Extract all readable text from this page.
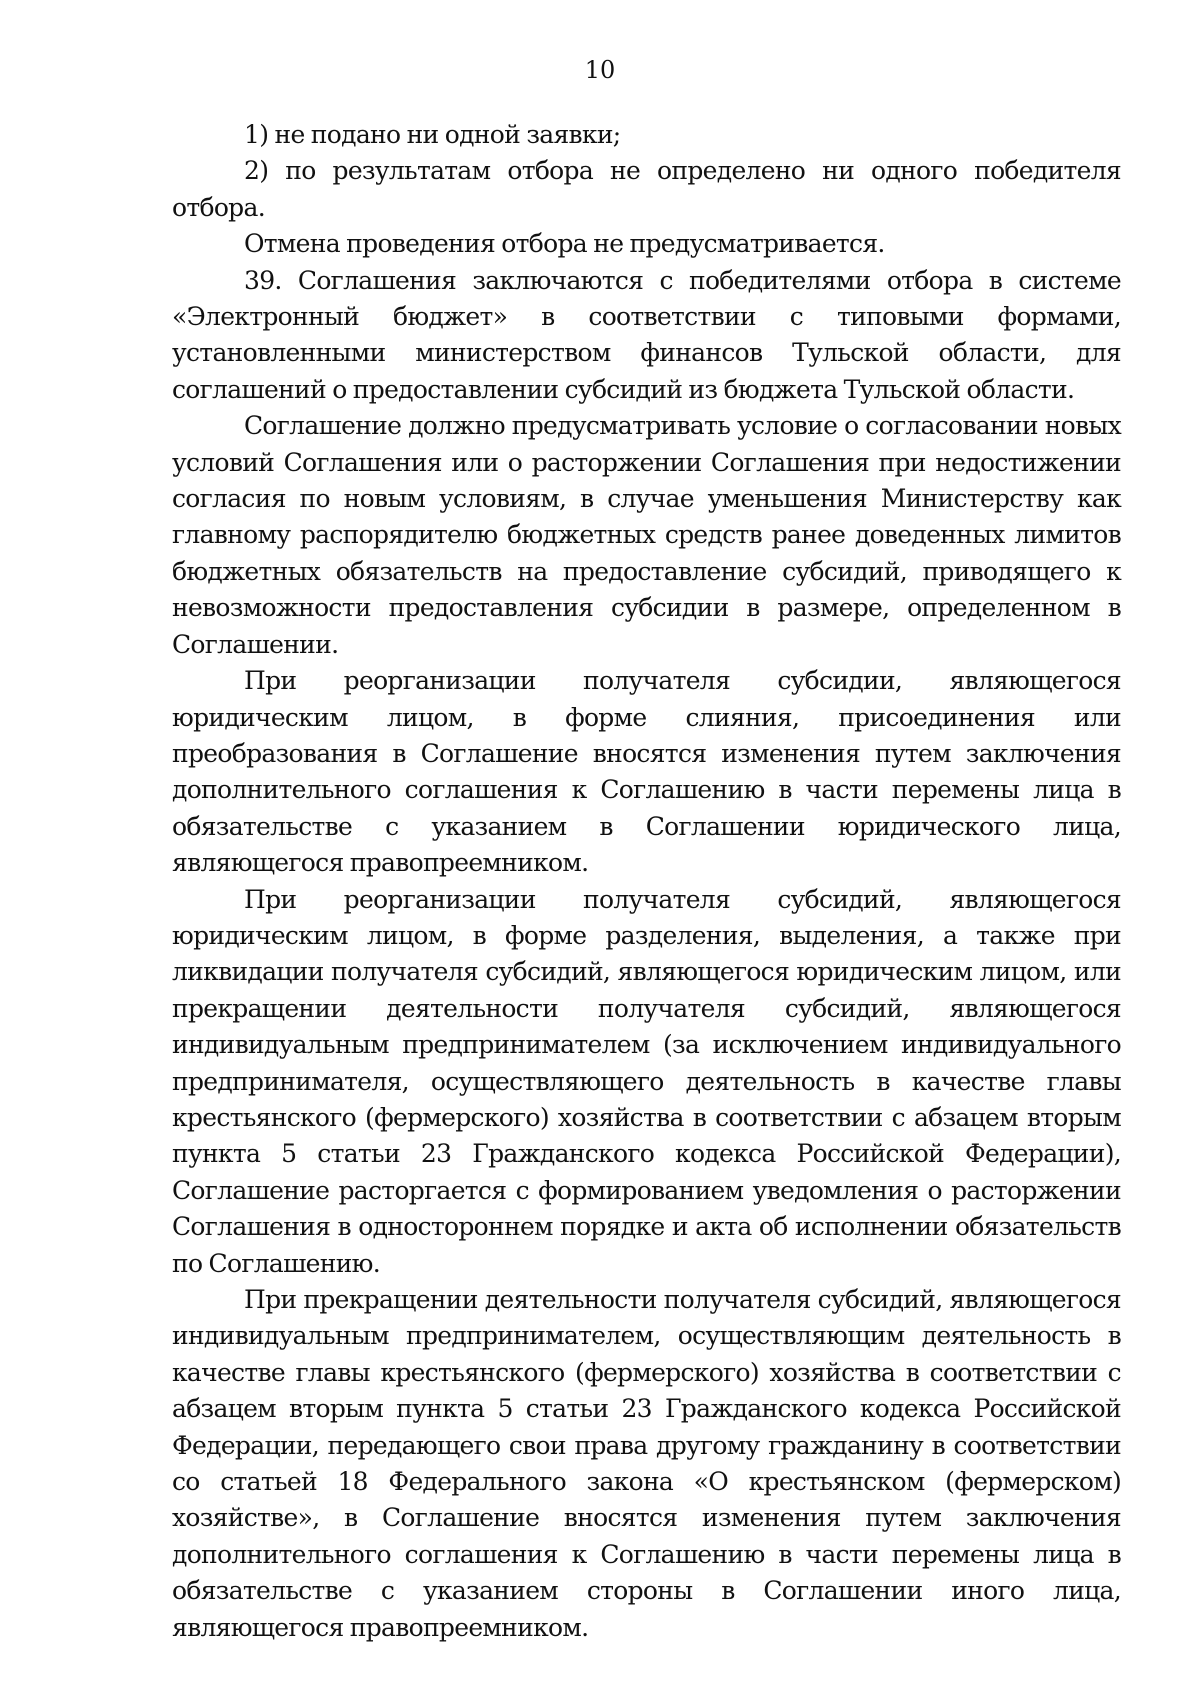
10

1) не подано ни одной заявки;

2) по результатам отбора не определено ни одного победителя отбора.

Отмена проведения отбора не предусматривается.

39. Соглашения заключаются с победителями отбора в системе «Электронный бюджет» в соответствии с типовыми формами, установленными министерством финансов Тульской области, для соглашений о предоставлении субсидий из бюджета Тульской области.

Соглашение должно предусматривать условие о согласовании новых условий Соглашения или о расторжении Соглашения при недостижении согласия по новым условиям, в случае уменьшения Министерству как главному распорядителю бюджетных средств ранее доведенных лимитов бюджетных обязательств на предоставление субсидий, приводящего к невозможности предоставления субсидии в размере, определенном в Соглашении.

При реорганизации получателя субсидии, являющегося юридическим лицом, в форме слияния, присоединения или преобразования в Соглашение вносятся изменения путем заключения дополнительного соглашения к Соглашению в части перемены лица в обязательстве с указанием в Соглашении юридического лица, являющегося правопреемником.

При реорганизации получателя субсидий, являющегося юридическим лицом, в форме разделения, выделения, а также при ликвидации получателя субсидий, являющегося юридическим лицом, или прекращении деятельности получателя субсидий, являющегося индивидуальным предпринимателем (за исключением индивидуального предпринимателя, осуществляющего деятельность в качестве главы крестьянского (фермерского) хозяйства в соответствии с абзацем вторым пункта 5 статьи 23 Гражданского кодекса Российской Федерации), Соглашение расторгается с формированием уведомления о расторжении Соглашения в одностороннем порядке и акта об исполнении обязательств по Соглашению.

При прекращении деятельности получателя субсидий, являющегося индивидуальным предпринимателем, осуществляющим деятельность в качестве главы крестьянского (фермерского) хозяйства в соответствии с абзацем вторым пункта 5 статьи 23 Гражданского кодекса Российской Федерации, передающего свои права другому гражданину в соответствии со статьей 18 Федерального закона «О крестьянском (фермерском) хозяйстве», в Соглашение вносятся изменения путем заключения дополнительного соглашения к Соглашению в части перемены лица в обязательстве с указанием стороны в Соглашении иного лица, являющегося правопреемником.
